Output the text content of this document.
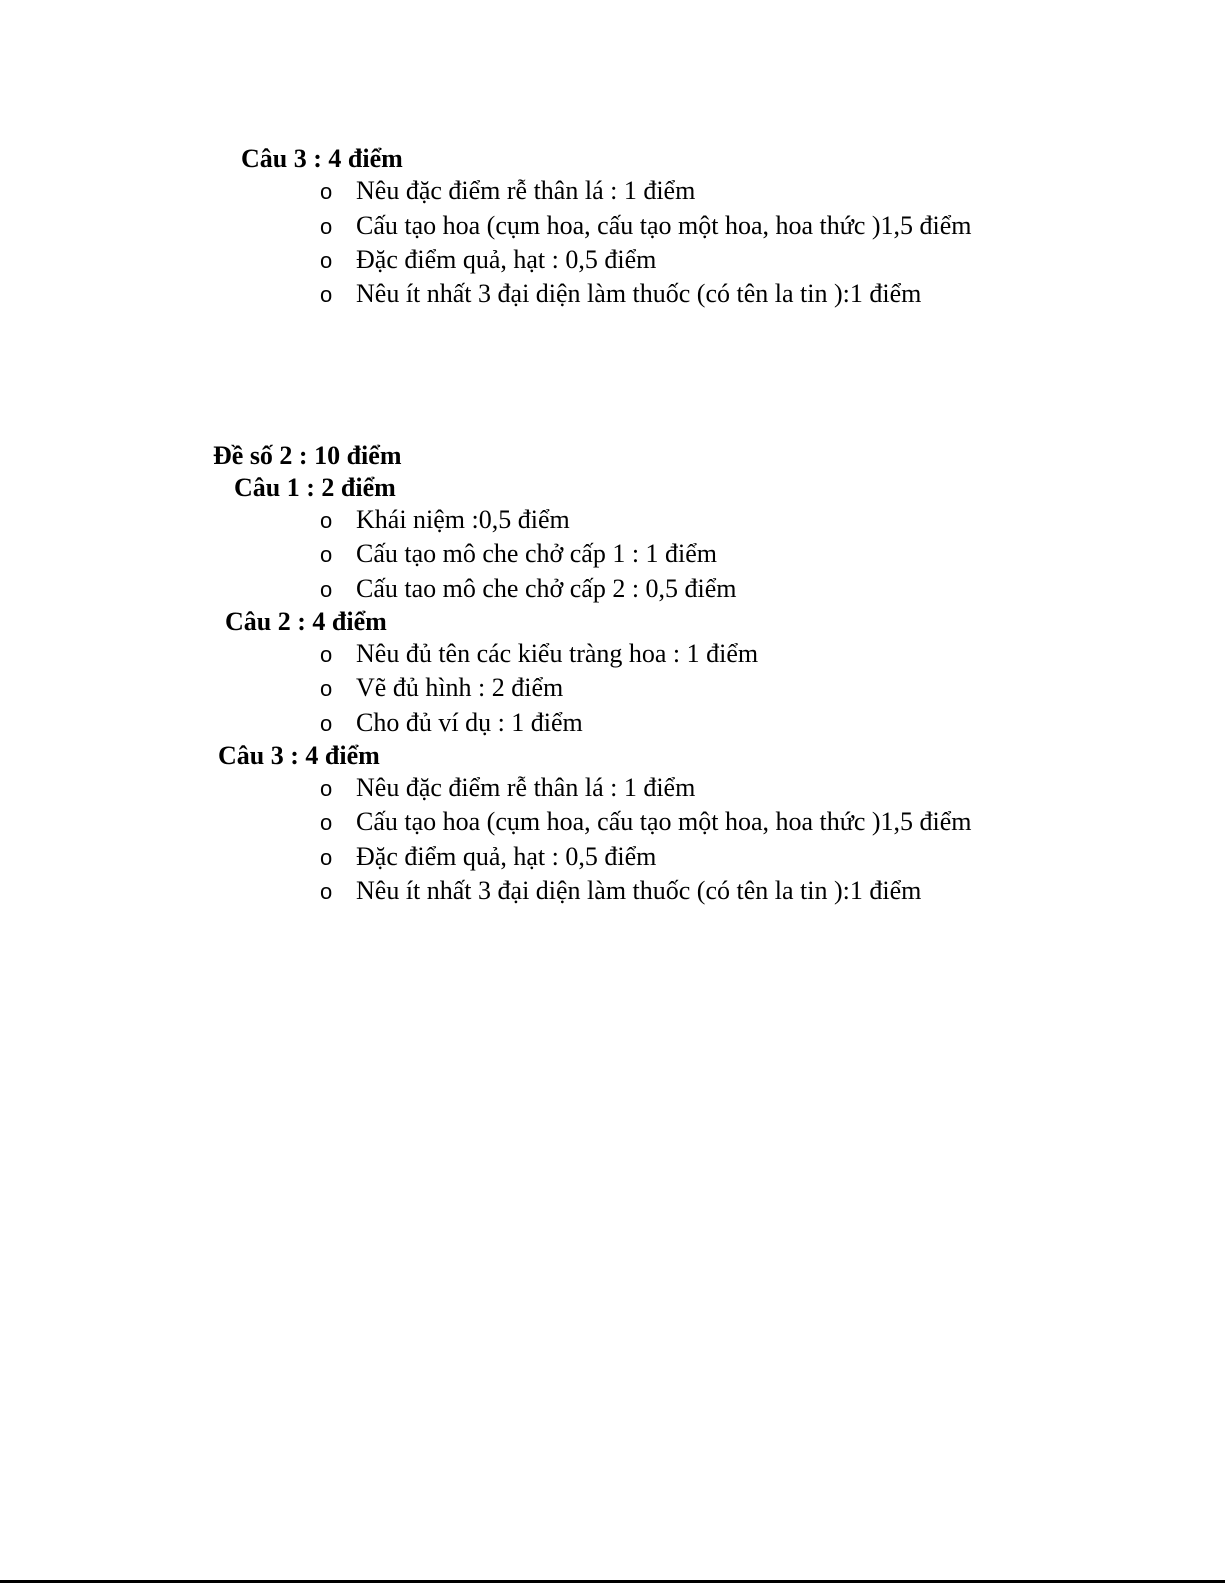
Câu 3 : 4 điểm
o Nêu đặc điểm rễ thân lá : 1 điểm
o Cấu tạo hoa (cụm hoa, cấu tạo một hoa, hoa thức )1,5 điểm
o Đặc điểm quả, hạt : 0,5 điểm
o Nêu ít nhất 3 đại diện làm thuốc (có tên la tin ):1 điểm
Đề số 2 : 10 điểm
Câu 1 : 2 điểm
o Khái niệm :0,5 điểm
o Cấu tạo mô che chở cấp 1 : 1 điểm
o Cấu tao mô che chở cấp 2 : 0,5 điểm
Câu 2 : 4 điểm
o Nêu đủ tên các kiểu tràng hoa : 1 điểm
o Vẽ đủ hình : 2 điểm
o Cho đủ ví dụ : 1 điểm
Câu 3 : 4 điểm
o Nêu đặc điểm rễ thân lá : 1 điểm
o Cấu tạo hoa (cụm hoa, cấu tạo một hoa, hoa thức )1,5 điểm
o Đặc điểm quả, hạt : 0,5 điểm
o Nêu ít nhất 3 đại diện làm thuốc (có tên la tin ):1 điểm
